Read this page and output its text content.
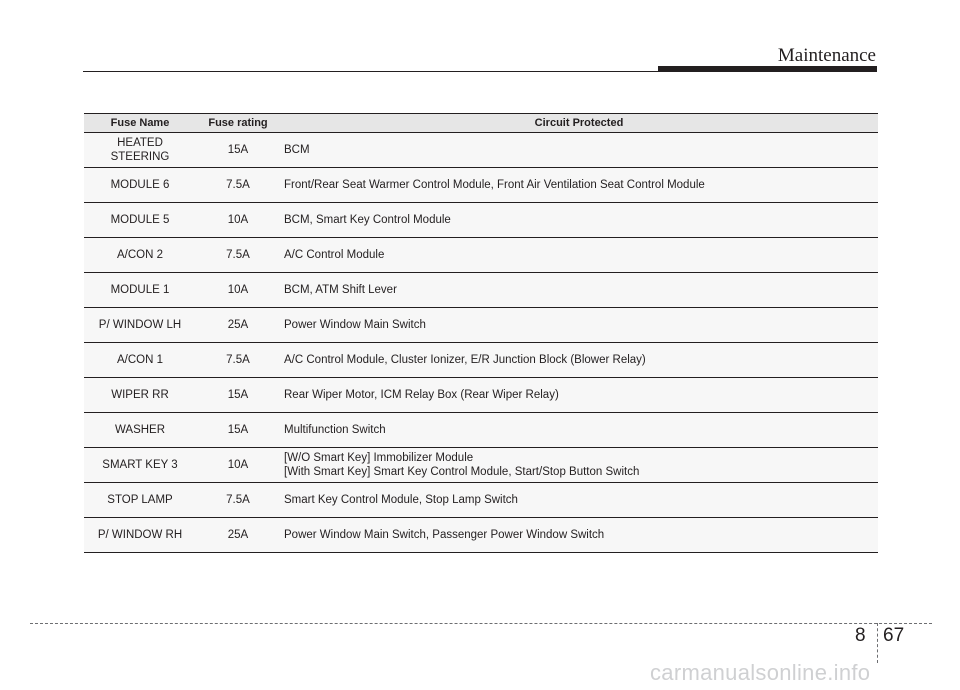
Maintenance
Fuse Name	Fuse rating	Circuit Protected

HEATED
STEERING	15A	BCM

MODULE 6	7.5A	Front/Rear Seat Warmer Control Module, Front Air Ventilation Seat Control Module

MODULE 5	10A	BCM, Smart Key Control Module

A/CON 2	7.5A	A/C Control Module

MODULE 1	10A	BCM, ATM Shift Lever

P/ WINDOW LH	25A	Power Window Main Switch

A/CON 1	7.5A	A/C Control Module, Cluster Ionizer, E/R Junction Block (Blower Relay)

WIPER RR	15A	Rear Wiper Motor, ICM Relay Box (Rear Wiper Relay)

WASHER	15A	Multifunction Switch

SMART KEY 3	10A	[W/O Smart Key] Immobilizer Module
[With Smart Key] Smart Key Control Module, Start/Stop Button Switch

STOP LAMP	7.5A	Smart Key Control Module, Stop Lamp Switch

P/ WINDOW RH	25A	Power Window Main Switch, Passenger Power Window Switch
8 67
carmanualsonline.info
